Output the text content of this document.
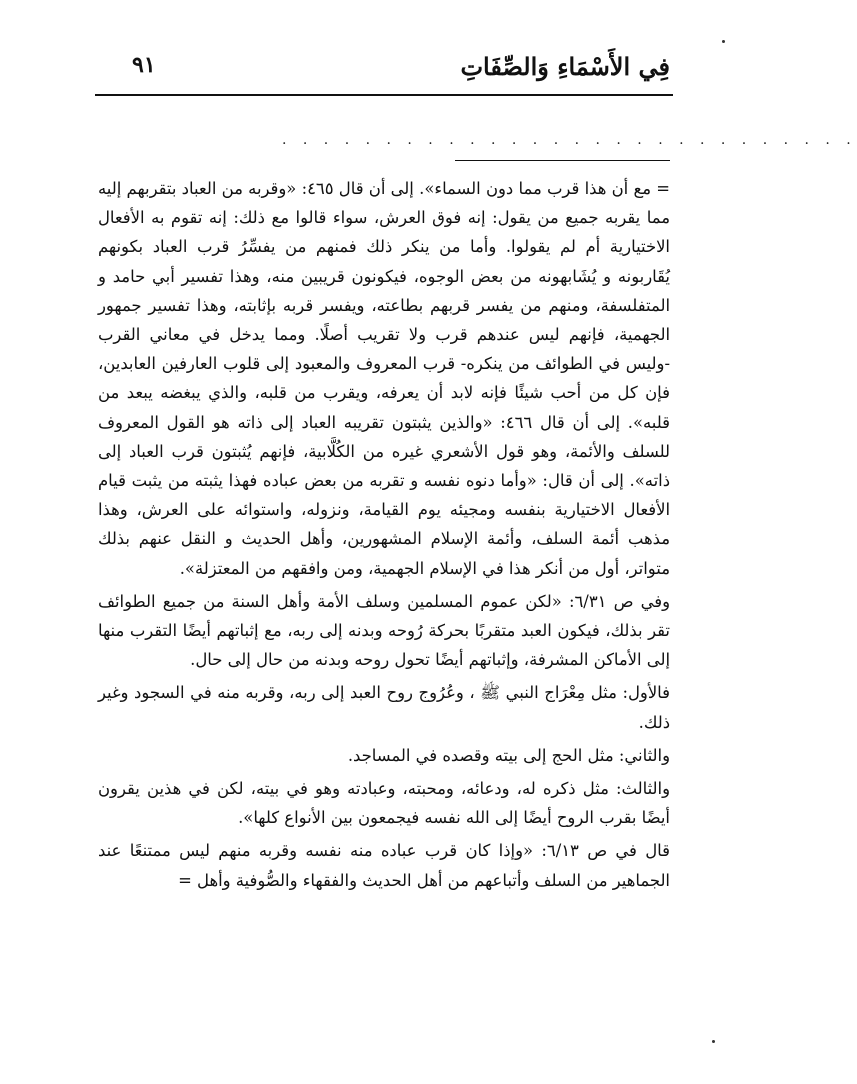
فِي الأَسْمَاءِ وَالصِّفَاتِ
٩١
. . . . . . . . . . . . . . . . . . . . . . . . . . . .

= مع أن هذا قرب مما دون السماء». إلى أن قال ٤٦٥: «وقربه من العباد بتقربهم إليه مما يقربه جميع من يقول: إنه فوق العرش، سواء قالوا مع ذلك: إنه تقوم به الأفعال الاختيارية أم لم يقولوا. وأما من ينكر ذلك فمنهم من يفسِّرُ قرب العباد بكونهم يُقَاربونه و يُشَابهونه من بعض الوجوه، فيكونون قريبين منه، وهذا تفسير أبي حامد و المتفلسفة، ومنهم من يفسر قربهم بطاعته، ويفسر قربه بإثابته، وهذا تفسير جمهور الجهمية، فإنهم ليس عندهم قرب ولا تقريب أصلًا. ومما يدخل في معاني القرب -وليس في الطوائف من ينكره- قرب المعروف والمعبود إلى قلوب العارفين العابدين، فإن كل من أحب شيئًا فإنه لابد أن يعرفه، ويقرب من قلبه، والذي يبغضه يبعد من قلبه». إلى أن قال ٤٦٦: «والذين يثبتون تقريبه العباد إلى ذاته هو القول المعروف للسلف والأئمة، وهو قول الأشعري غيره من الكُلَّابية، فإنهم يُثبتون قرب العباد إلى ذاته». إلى أن قال: «وأما دنوه نفسه و تقربه من بعض عباده فهذا يثبته من يثبت قيام الأفعال الاختيارية بنفسه ومجيئه يوم القيامة، ونزوله، واستوائه على العرش، وهذا مذهب أئمة السلف، وأئمة الإسلام المشهورين، وأهل الحديث و النقل عنهم بذلك متواتر، أول من أنكر هذا في الإسلام الجهمية، ومن وافقهم من المعتزلة».

وفي ص ٦/٣١: «لكن عموم المسلمين وسلف الأمة وأهل السنة من جميع الطوائف تقر بذلك، فيكون العبد متقربًا بحركة رُوحه وبدنه إلى ربه، مع إثباتهم أيضًا التقرب منها إلى الأماكن المشرفة، وإثباتهم أيضًا تحول روحه وبدنه من حال إلى حال.

فالأول: مثل مِعْرَاج النبي ﷺ ، وعُرُوج روح العبد إلى ربه، وقربه منه في السجود وغير ذلك.

والثاني: مثل الحج إلى بيته وقصده في المساجد.

والثالث: مثل ذكره له، ودعائه، ومحبته، وعبادته وهو في بيته، لكن في هذين يقرون أيضًا بقرب الروح أيضًا إلى الله نفسه فيجمعون بين الأنواع كلها».

قال في ص ٦/١٣: «وإذا كان قرب عباده منه نفسه وقربه منهم ليس ممتنعًا عند الجماهير من السلف وأتباعهم من أهل الحديث والفقهاء والصُّوفية وأهل =
